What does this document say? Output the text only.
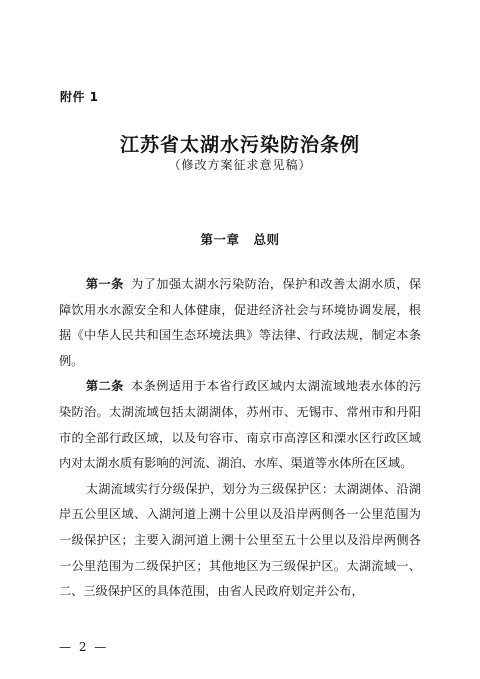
附件 1
江苏省太湖水污染防治条例
（修改方案征求意见稿）
第一章 总则

第一条 为了加强太湖水污染防治，保护和改善太湖水质，保障饮用水水源安全和人体健康，促进经济社会与环境协调发展，根据《中华人民共和国生态环境法典》等法律、行政法规，制定本条例。

第二条 本条例适用于本省行政区域内太湖流域地表水体的污染防治。太湖流域包括太湖湖体，苏州市、无锡市、常州市和丹阳市的全部行政区域，以及句容市、南京市高淳区和溧水区行政区域内对太湖水质有影响的河流、湖泊、水库、渠道等水体所在区域。

太湖流域实行分级保护，划分为三级保护区：太湖湖体、沿湖岸五公里区域、入湖河道上溯十公里以及沿岸两侧各一公里范围为一级保护区；主要入湖河道上溯十公里至五十公里以及沿岸两侧各一公里范围为二级保护区；其他地区为三级保护区。太湖流域一、二、三级保护区的具体范围，由省人民政府划定并公布，

— 2 —
